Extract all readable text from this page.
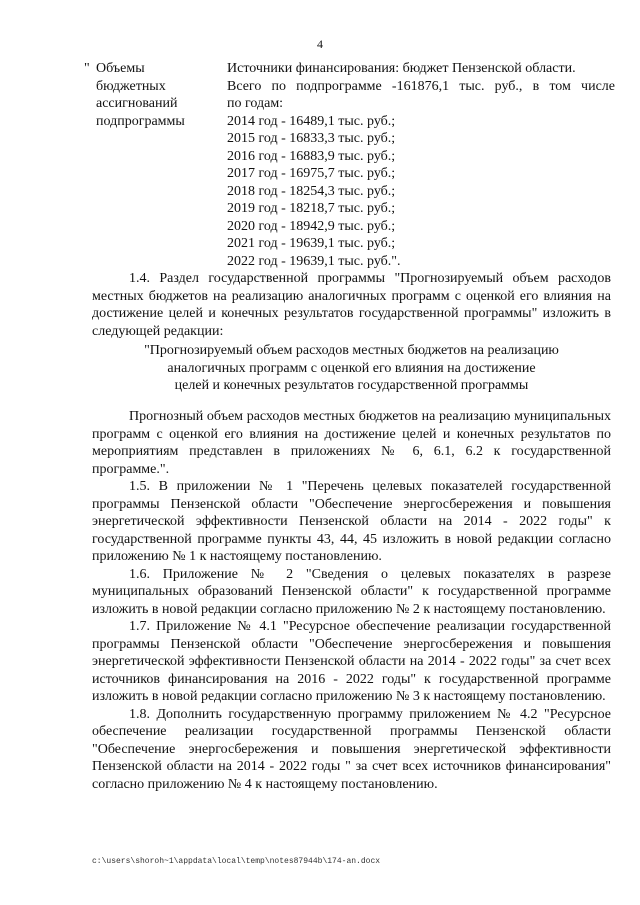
4
" Объемы
бюджетных
ассигнований
подпрограммы
Источники финансирования: бюджет Пензенской области.
Всего по подпрограмме -161876,1 тыс. руб., в том числе
по годам:
2014 год - 16489,1 тыс. руб.;
2015 год - 16833,3 тыс. руб.;
2016 год - 16883,9 тыс. руб.;
2017 год - 16975,7 тыс. руб.;
2018 год - 18254,3 тыс. руб.;
2019 год - 18218,7 тыс. руб.;
2020 год - 18942,9 тыс. руб.;
2021 год - 19639,1 тыс. руб.;
2022 год - 19639,1 тыс. руб.".

1.4. Раздел государственной программы "Прогнозируемый объем расходов местных бюджетов на реализацию аналогичных программ с оценкой его влияния на достижение целей и конечных результатов государственной программы" изложить в следующей редакции:

"Прогнозируемый объем расходов местных бюджетов на реализацию
аналогичных программ с оценкой его влияния на достижение
целей и конечных результатов государственной программы

Прогнозный объем расходов местных бюджетов на реализацию муниципальных программ с оценкой его влияния на достижение целей и конечных результатов по мероприятиям представлен в приложениях № 6, 6.1, 6.2 к государственной программе.".

1.5. В приложении № 1 "Перечень целевых показателей государственной программы Пензенской области "Обеспечение энергосбережения и повышения энергетической эффективности Пензенской области на 2014 - 2022 годы" к государственной программе пункты 43, 44, 45 изложить в новой редакции согласно приложению № 1 к настоящему постановлению.

1.6. Приложение № 2 "Сведения о целевых показателях в разрезе муниципальных образований Пензенской области" к государственной программе изложить в новой редакции согласно приложению № 2 к настоящему постановлению.

1.7. Приложение № 4.1 "Ресурсное обеспечение реализации государственной программы Пензенской области "Обеспечение энергосбережения и повышения энергетической эффективности Пензенской области на 2014 - 2022 годы" за счет всех источников финансирования на 2016 - 2022 годы" к государственной программе изложить в новой редакции согласно приложению № 3 к настоящему постановлению.

1.8. Дополнить государственную программу приложением № 4.2 "Ресурсное обеспечение реализации государственной программы Пензенской области "Обеспечение энергосбережения и повышения энергетической эффективности Пензенской области на 2014 - 2022 годы " за счет всех источников финансирования" согласно приложению № 4 к настоящему постановлению.

c:\users\shoroh~1\appdata\local\temp\notes87944b\174-an.docx
